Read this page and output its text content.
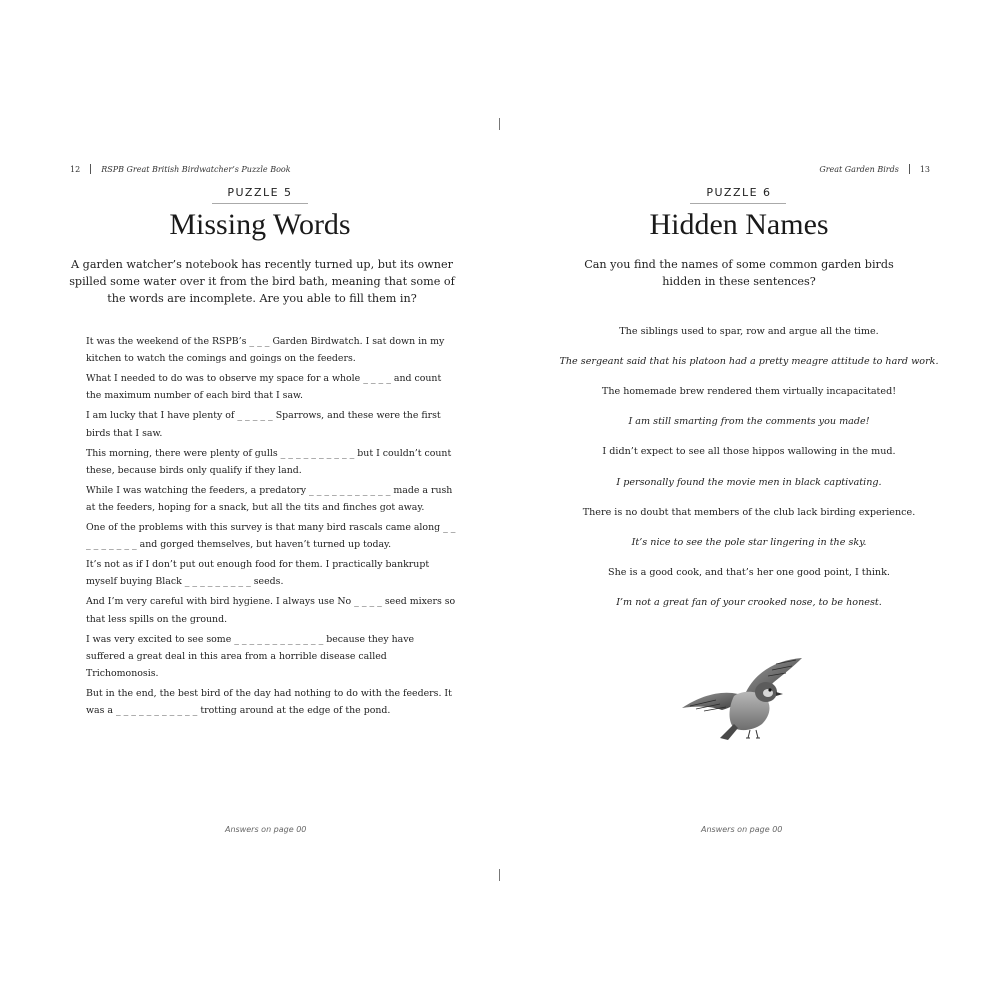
12	RSPB Great British Birdwatcher’s Puzzle Book
PUZZLE 5
Missing Words
A garden watcher’s notebook has recently turned up, but its owner spilled some water over it from the bird bath, meaning that some of the words are incomplete. Are you able to fill them in?
It was the weekend of the RSPB’s _ _ _ Garden Birdwatch. I sat down in my kitchen to watch the comings and goings on the feeders.
What I needed to do was to observe my space for a whole _ _ _ _ and count the maximum number of each bird that I saw.
I am lucky that I have plenty of _ _ _ _ _ Sparrows, and these were the first birds that I saw.
This morning, there were plenty of gulls _ _ _ _ _ _ _ _ _ _ but I couldn’t count these, because birds only qualify if they land.
While I was watching the feeders, a predatory _ _ _ _ _ _ _ _ _ _ _ made a rush at the feeders, hoping for a snack, but all the tits and finches got away.
One of the problems with this survey is that many bird rascals came along _ _ _ _ _ _ _ _ _ and gorged themselves, but haven’t turned up today.
It’s not as if I don’t put out enough food for them. I practically bankrupt myself buying Black _ _ _ _ _ _ _ _ _ seeds.
And I’m very careful with bird hygiene. I always use No _ _ _ _ seed mixers so that less spills on the ground.
I was very excited to see some _ _ _ _ _ _ _ _ _ _ _ _ because they have suffered a great deal in this area from a horrible disease called Trichomonosis.
But in the end, the best bird of the day had nothing to do with the feeders. It was a _ _ _ _ _ _ _ _ _ _ _ trotting around at the edge of the pond.
Answers on page 00
Great Garden Birds	13
PUZZLE 6
Hidden Names
Can you find the names of some common garden birds hidden in these sentences?
The siblings used to spar, row and argue all the time.
The sergeant said that his platoon had a pretty meagre attitude to hard work.
The homemade brew rendered them virtually incapacitated!
I am still smarting from the comments you made!
I didn’t expect to see all those hippos wallowing in the mud.
I personally found the movie men in black captivating.
There is no doubt that members of the club lack birding experience.
It’s nice to see the pole star lingering in the sky.
She is a good cook, and that’s her one good point, I think.
I’m not a great fan of your crooked nose, to be honest.
Answers on page 00
